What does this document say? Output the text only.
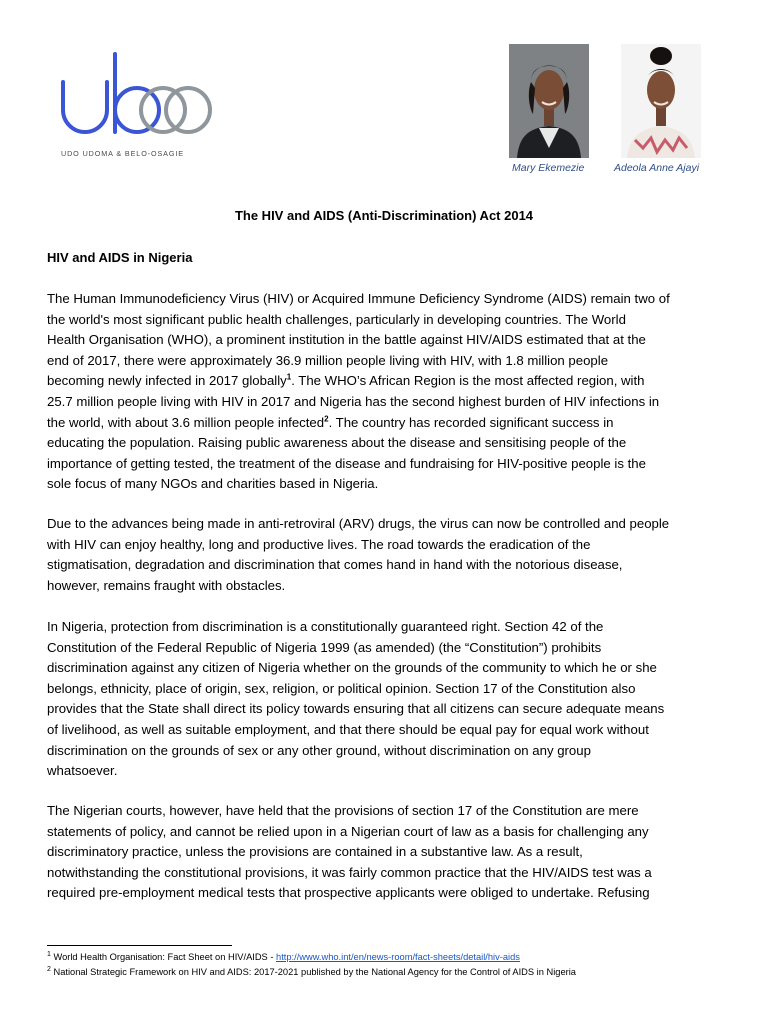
UDO UDOMA & BELO-OSAGIE
Mary Ekemezie	Adeola Anne Ajayi
The HIV and AIDS (Anti-Discrimination) Act 2014
HIV and AIDS in Nigeria
The Human Immunodeficiency Virus (HIV) or Acquired Immune Deficiency Syndrome (AIDS) remain two of
the world's most significant public health challenges, particularly in developing countries. The World
Health Organisation (WHO), a prominent institution in the battle against HIV/AIDS estimated that at the
end of 2017, there were approximately 36.9 million people living with HIV, with 1.8 million people
becoming newly infected in 2017 globally$^1$. The WHO’s African Region is the most affected region, with
25.7 million people living with HIV in 2017 and Nigeria has the second highest burden of HIV infections in
the world, with about 3.6 million people infected$^2$. The country has recorded significant success in
educating the population. Raising public awareness about the disease and sensitising people of the
importance of getting tested, the treatment of the disease and fundraising for HIV-positive people is the
sole focus of many NGOs and charities based in Nigeria.
Due to the advances being made in anti-retroviral (ARV) drugs, the virus can now be controlled and people
with HIV can enjoy healthy, long and productive lives. The road towards the eradication of the
stigmatisation, degradation and discrimination that comes hand in hand with the notorious disease,
however, remains fraught with obstacles.
In Nigeria, protection from discrimination is a constitutionally guaranteed right. Section 42 of the
Constitution of the Federal Republic of Nigeria 1999 (as amended) (the “Constitution”) prohibits
discrimination against any citizen of Nigeria whether on the grounds of the community to which he or she
belongs, ethnicity, place of origin, sex, religion, or political opinion. Section 17 of the Constitution also
provides that the State shall direct its policy towards ensuring that all citizens can secure adequate means
of livelihood, as well as suitable employment, and that there should be equal pay for equal work without
discrimination on the grounds of sex or any other ground, without discrimination on any group
whatsoever.
The Nigerian courts, however, have held that the provisions of section 17 of the Constitution are mere
statements of policy, and cannot be relied upon in a Nigerian court of law as a basis for challenging any
discriminatory practice, unless the provisions are contained in a substantive law. As a result,
notwithstanding the constitutional provisions, it was fairly common practice that the HIV/AIDS test was a
required pre-employment medical tests that prospective applicants were obliged to undertake. Refusing
$^1$ World Health Organisation: Fact Sheet on HIV/AIDS - http://www.who.int/en/news-room/fact-sheets/detail/hiv-aids
$^2$ National Strategic Framework on HIV and AIDS: 2017-2021 published by the National Agency for the Control of AIDS in Nigeria
